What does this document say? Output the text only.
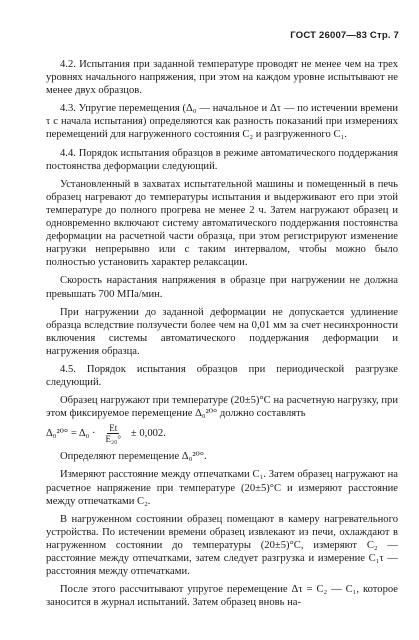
ГОСТ 26007—83 Стр. 7

4.2. Испытания при заданной температуре проводят не менее чем на трех уровнях начального напряжения, при этом на каждом уровне испытывают не менее двух образцов.

4.3. Упругие перемещения (Δ₀ — начальное и Δτ — по истечении времени τ с начала испытания) определяются как разность показаний при измерениях перемещений для нагруженного состояния C₂ и разгруженного C₁.

4.4. Порядок испытания образцов в режиме автоматического поддержания постоянства деформации следующий.

Установленный в захватах испытательной машины и помещенный в печь образец нагревают до температуры испытания и выдерживают его при этой температуре до полного прогрева не менее 2 ч. Затем нагружают образец и одновременно включают систему автоматического поддержания постоянства деформации на расчетной части образца, при этом регистрируют изменение нагрузки непрерывно или с таким интервалом, чтобы можно было полностью установить характер релаксации.

Скорость нарастания напряжения в образце при нагружении не должна превышать 700 МПа/мин.

При нагружении до заданной деформации не допускается удлинение образца вследствие ползучести более чем на 0,01 мм за счет несинхронности включения системы автоматического поддержания деформации и нагружения образца.

4.5. Порядок испытания образцов при периодической разгрузке следующий.

Образец нагружают при температуре (20±5)°С на расчетную нагрузку, при этом фиксируемое перемещение Δ₀²⁰° должно составлять

$\Delta_0^{20}^\circ = \Delta_0 \cdot \frac{Et}{\text{E₂₀°}} \pm 0,002$.

Определяют перемещение Δ₀²⁰°.

Измеряют расстояние между отпечатками C₁. Затем образец нагружают на расчетное напряжение при температуре (20±5)°С и измеряют расстояние между отпечатками C₂.

В нагруженном состоянии образец помещают в камеру нагревательного устройства. По истечении времени образец извлекают из печи, охлаждают в нагруженном состоянии до температуры (20±5)°С, измеряют C₂ — расстояние между отпечатками, затем следует разгрузка и измерение C₁τ — расстояния между отпечатками.

После этого рассчитывают упругое перемещение Δτ = C₂ — C₁, которое заносится в журнал испытаний. Затем образец вновь на-
